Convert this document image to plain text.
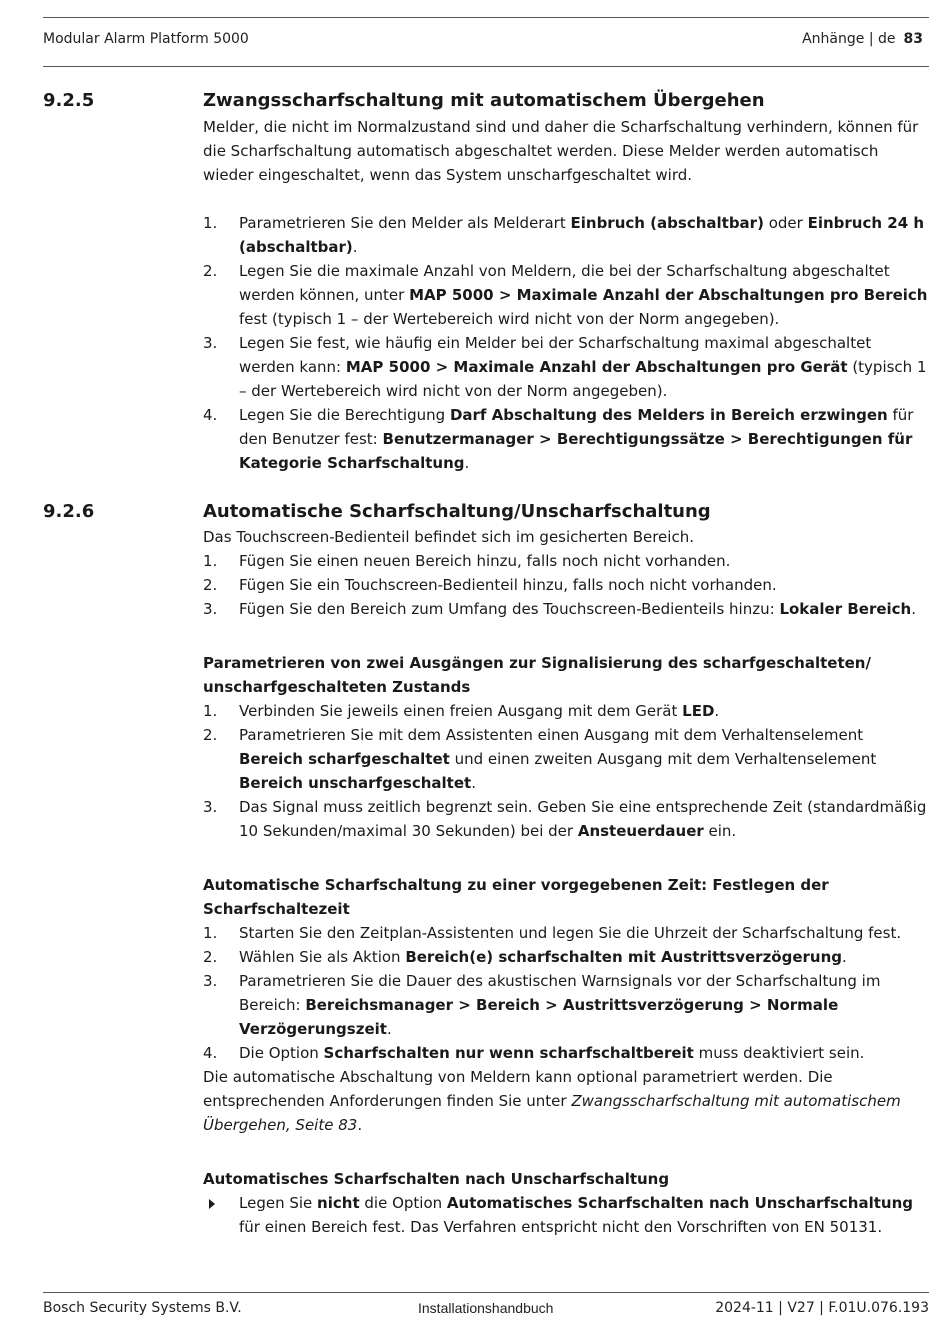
Modular Alarm Platform 5000	Anhänge | de 83
9.2.5	Zwangsscharfschaltung mit automatischem Übergehen

Melder, die nicht im Normalzustand sind und daher die Scharfschaltung verhindern, können für die Scharfschaltung automatisch abgeschaltet werden. Diese Melder werden automatisch wieder eingeschaltet, wenn das System unscharfgeschaltet wird.

1. Parametrieren Sie den Melder als Melderart Einbruch (abschaltbar) oder Einbruch 24 h (abschaltbar).
2. Legen Sie die maximale Anzahl von Meldern, die bei der Scharfschaltung abgeschaltet werden können, unter MAP 5000 > Maximale Anzahl der Abschaltungen pro Bereich fest (typisch 1 – der Wertebereich wird nicht von der Norm angegeben).
3. Legen Sie fest, wie häufig ein Melder bei der Scharfschaltung maximal abgeschaltet werden kann: MAP 5000 > Maximale Anzahl der Abschaltungen pro Gerät (typisch 1 – der Wertebereich wird nicht von der Norm angegeben).
4. Legen Sie die Berechtigung Darf Abschaltung des Melders in Bereich erzwingen für den Benutzer fest: Benutzermanager > Berechtigungssätze > Berechtigungen für Kategorie Scharfschaltung.
9.2.6	Automatische Scharfschaltung/Unscharfschaltung

Das Touchscreen-Bedienteil befindet sich im gesicherten Bereich.

1. Fügen Sie einen neuen Bereich hinzu, falls noch nicht vorhanden.
2. Fügen Sie ein Touchscreen-Bedienteil hinzu, falls noch nicht vorhanden.
3. Fügen Sie den Bereich zum Umfang des Touchscreen-Bedienteils hinzu: Lokaler Bereich.

Parametrieren von zwei Ausgängen zur Signalisierung des scharfgeschalteten/ unscharfgeschalteten Zustands

1. Verbinden Sie jeweils einen freien Ausgang mit dem Gerät LED.
2. Parametrieren Sie mit dem Assistenten einen Ausgang mit dem Verhaltenselement Bereich scharfgeschaltet und einen zweiten Ausgang mit dem Verhaltenselement Bereich unscharfgeschaltet.
3. Das Signal muss zeitlich begrenzt sein. Geben Sie eine entsprechende Zeit (standardmäßig 10 Sekunden/maximal 30 Sekunden) bei der Ansteuerdauer ein.

Automatische Scharfschaltung zu einer vorgegebenen Zeit: Festlegen der Scharfschaltezeit

1. Starten Sie den Zeitplan-Assistenten und legen Sie die Uhrzeit der Scharfschaltung fest.
2. Wählen Sie als Aktion Bereich(e) scharfschalten mit Austrittsverzögerung.
3. Parametrieren Sie die Dauer des akustischen Warnsignals vor der Scharfschaltung im Bereich: Bereichsmanager > Bereich > Austrittsverzögerung > Normale Verzögerungszeit.
4. Die Option Scharfschalten nur wenn scharfschaltbereit muss deaktiviert sein.

Die automatische Abschaltung von Meldern kann optional parametriert werden. Die entsprechenden Anforderungen finden Sie unter Zwangsscharfschaltung mit automatischem Übergehen, Seite 83.

Automatisches Scharfschalten nach Unscharfschaltung

Legen Sie nicht die Option Automatisches Scharfschalten nach Unscharfschaltung für einen Bereich fest. Das Verfahren entspricht nicht den Vorschriften von EN 50131.
Bosch Security Systems B.V.	Installationshandbuch	2024-11 | V27 | F.01U.076.193
